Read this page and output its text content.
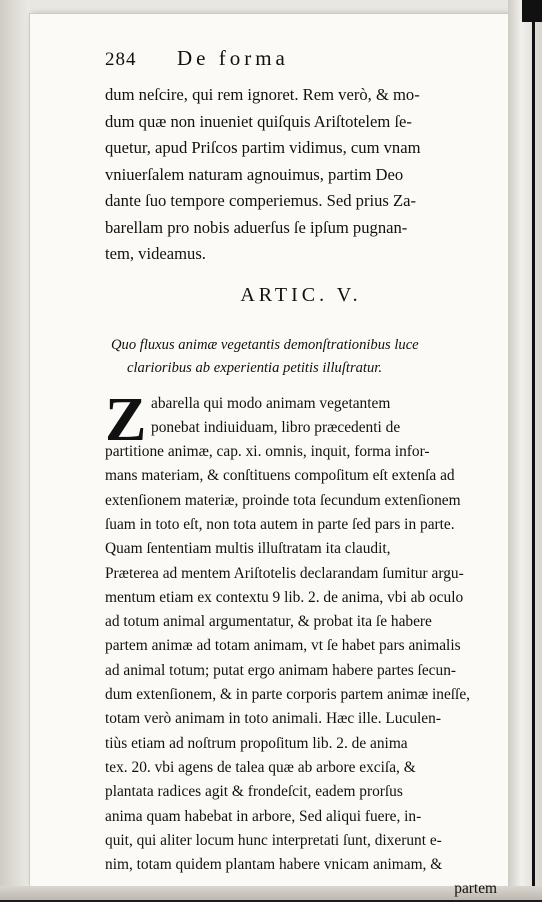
284	De forma
dum neſcire, qui rem ignoret. Rem verò, & mo-
dum quæ non inueniet quiſquis Ariſtotelem ſe-
quetur, apud Priſcos partim vidimus, cum vnam
vniuerſalem naturam agnouimus, partim Deo
dante ſuo tempore comperiemus. Sed prius Za-
barellam pro nobis aduerſus ſe ipſum pugnan-
tem, videamus.
ARTIC. V.
Quo fluxus animæ vegetantis demonſtrationibus luce
clarioribus ab experientia petitis illuſtratur.
Z abarella qui modo animam vegetantem
ponebat indiuiduam, libro præcedenti de
partitione animæ, cap. xi. omnis, inquit, forma infor-
mans materiam, & conſtituens compoſitum eſt extenſa ad
extenſionem materiæ, proinde tota ſecundum extenſionem
ſuam in toto eſt, non tota autem in parte ſed pars in parte.
Quam ſententiam multis illuſtratam ita claudit,
Præterea ad mentem Ariſtotelis declarandam ſumitur argu-
mentum etiam ex contextu 9 lib. 2. de anima, vbi ab oculo
ad totum animal argumentatur, & probat ita ſe habere
partem animæ ad totam animam, vt ſe habet pars animalis
ad animal totum; putat ergo animam habere partes ſecun-
dum extenſionem, & in parte corporis partem animæ ineſſe,
totam verò animam in toto animali. Hæc ille. Luculen-
tiùs etiam ad noſtrum propoſitum lib. 2. de anima
tex. 20. vbi agens de talea quæ ab arbore exciſa, &
plantata radices agit & frondeſcit, eadem prorſus
anima quam habebat in arbore, Sed aliqui fuere, in-
quit, qui aliter locum hunc interpretati ſunt, dixerunt e-
nim, totam quidem plantam habere vnicam animam, &
partem
